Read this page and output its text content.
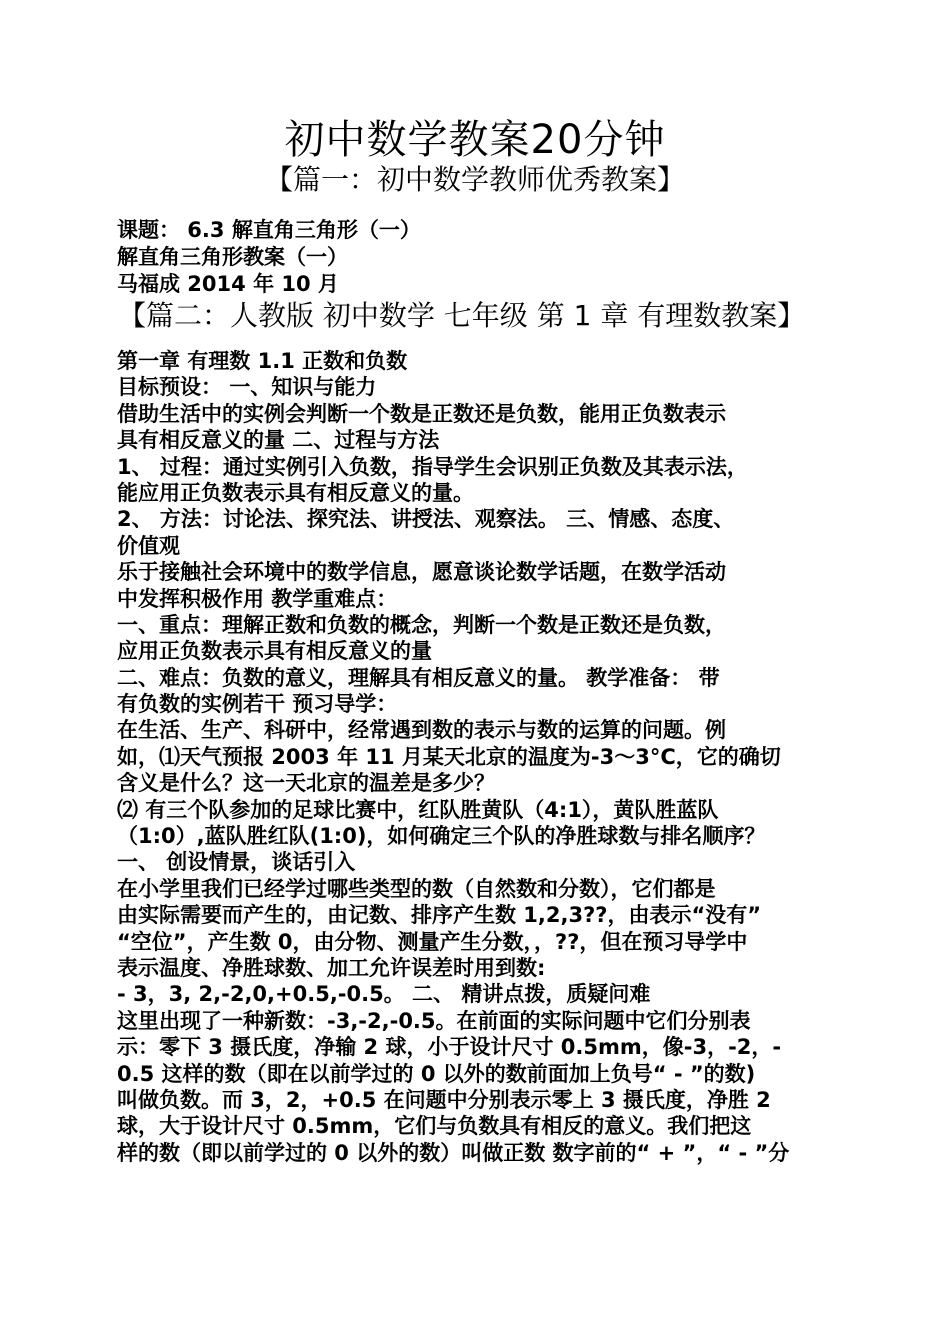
初中数学教案20分钟
【篇一：初中数学教师优秀教案】
课题： 6.3 解直角三角形（一）
解直角三角形教案（一）
马福成 2014 年 10 月
【篇二：人教版 初中数学 七年级 第 1 章 有理数教案】
第一章 有理数 1.1 正数和负数
目标预设： 一、知识与能力
借助生活中的实例会判断一个数是正数还是负数，能用正负数表示
具有相反意义的量 二、过程与方法
1、 过程：通过实例引入负数，指导学生会识别正负数及其表示法，
能应用正负数表示具有相反意义的量。
2、 方法：讨论法、探究法、讲授法、观察法。 三、情感、态度、
价值观
乐于接触社会环境中的数学信息，愿意谈论数学话题，在数学活动
中发挥积极作用 教学重难点：
一、重点：理解正数和负数的概念，判断一个数是正数还是负数，
应用正负数表示具有相反意义的量
二、难点：负数的意义，理解具有相反意义的量。 教学准备： 带
有负数的实例若干 预习导学：
在生活、生产、科研中，经常遇到数的表示与数的运算的问题。例
如，⑴天气预报 2003 年 11 月某天北京的温度为-3～3°C，它的确切
含义是什么？这一天北京的温差是多少？
⑵ 有三个队参加的足球比赛中，红队胜黄队（4:1），黄队胜蓝队
（1:0）,蓝队胜红队(1:0)，如何确定三个队的净胜球数与排名顺序？
一、 创设情景，谈话引入
在小学里我们已经学过哪些类型的数（自然数和分数），它们都是
由实际需要而产生的，由记数、排序产生数 1,2,3??，由表示“没有”
“空位”，产生数 0，由分物、测量产生分数，，??，但在预习导学中
表示温度、净胜球数、加工允许误差时用到数:
- 3，3, 2,-2,0,+0.5,-0.5。 二、 精讲点拨，质疑问难
这里出现了一种新数：-3,-2,-0.5。在前面的实际问题中它们分别表
示：零下 3 摄氏度，净输 2 球，小于设计尺寸 0.5mm，像-3，-2，-
0.5 这样的数（即在以前学过的 0 以外的数前面加上负号“ - ”的数)
叫做负数。而 3，2，+0.5 在问题中分别表示零上 3 摄氏度，净胜 2
球，大于设计尺寸 0.5mm，它们与负数具有相反的意义。我们把这
样的数（即以前学过的 0 以外的数）叫做正数 数字前的“ + ”，“ - ”分
